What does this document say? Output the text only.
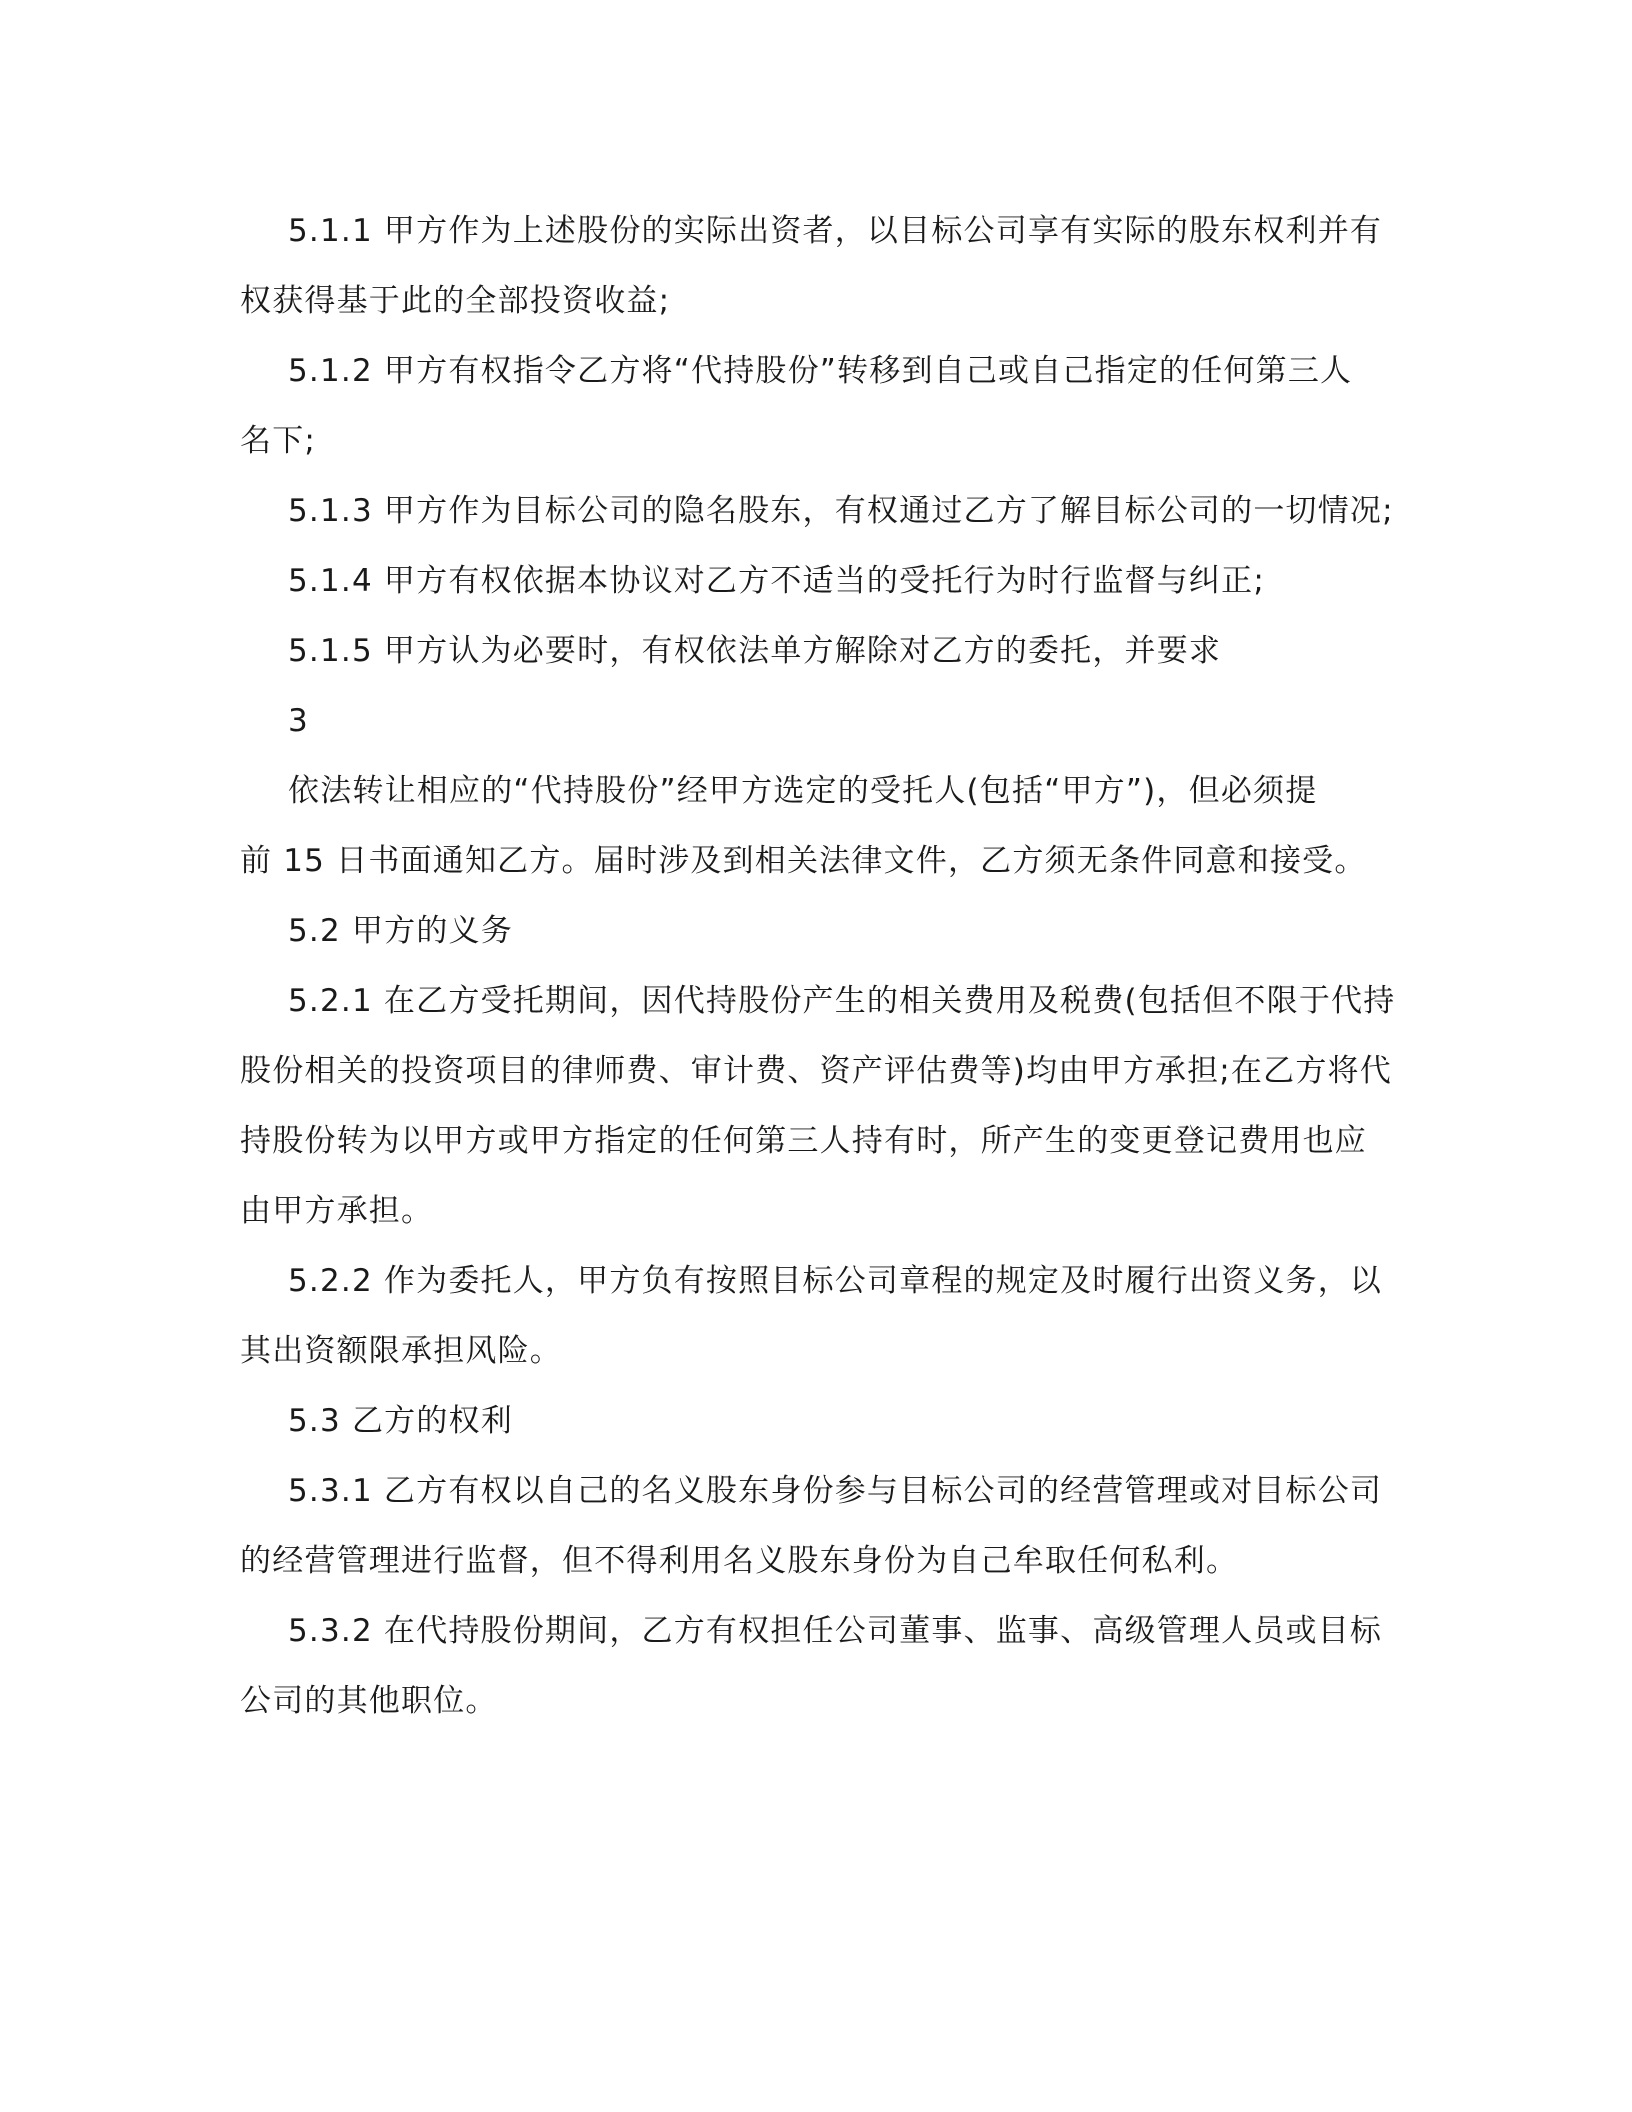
5.1.1 甲方作为上述股份的实际出资者，以目标公司享有实际的股东权利并有
权获得基于此的全部投资收益;
5.1.2 甲方有权指令乙方将“代持股份”转移到自己或自己指定的任何第三人
名下;
5.1.3 甲方作为目标公司的隐名股东，有权通过乙方了解目标公司的一切情况;
5.1.4 甲方有权依据本协议对乙方不适当的受托行为时行监督与纠正;
5.1.5 甲方认为必要时，有权依法单方解除对乙方的委托，并要求
3
依法转让相应的“代持股份”经甲方选定的受托人(包括“甲方”)，但必须提
前 15 日书面通知乙方。届时涉及到相关法律文件，乙方须无条件同意和接受。
5.2 甲方的义务
5.2.1 在乙方受托期间，因代持股份产生的相关费用及税费(包括但不限于代持
股份相关的投资项目的律师费、审计费、资产评估费等)均由甲方承担;在乙方将代
持股份转为以甲方或甲方指定的任何第三人持有时，所产生的变更登记费用也应
由甲方承担。
5.2.2 作为委托人，甲方负有按照目标公司章程的规定及时履行出资义务，以
其出资额限承担风险。
5.3 乙方的权利
5.3.1 乙方有权以自己的名义股东身份参与目标公司的经营管理或对目标公司
的经营管理进行监督，但不得利用名义股东身份为自己牟取任何私利。
5.3.2 在代持股份期间，乙方有权担任公司董事、监事、高级管理人员或目标
公司的其他职位。
